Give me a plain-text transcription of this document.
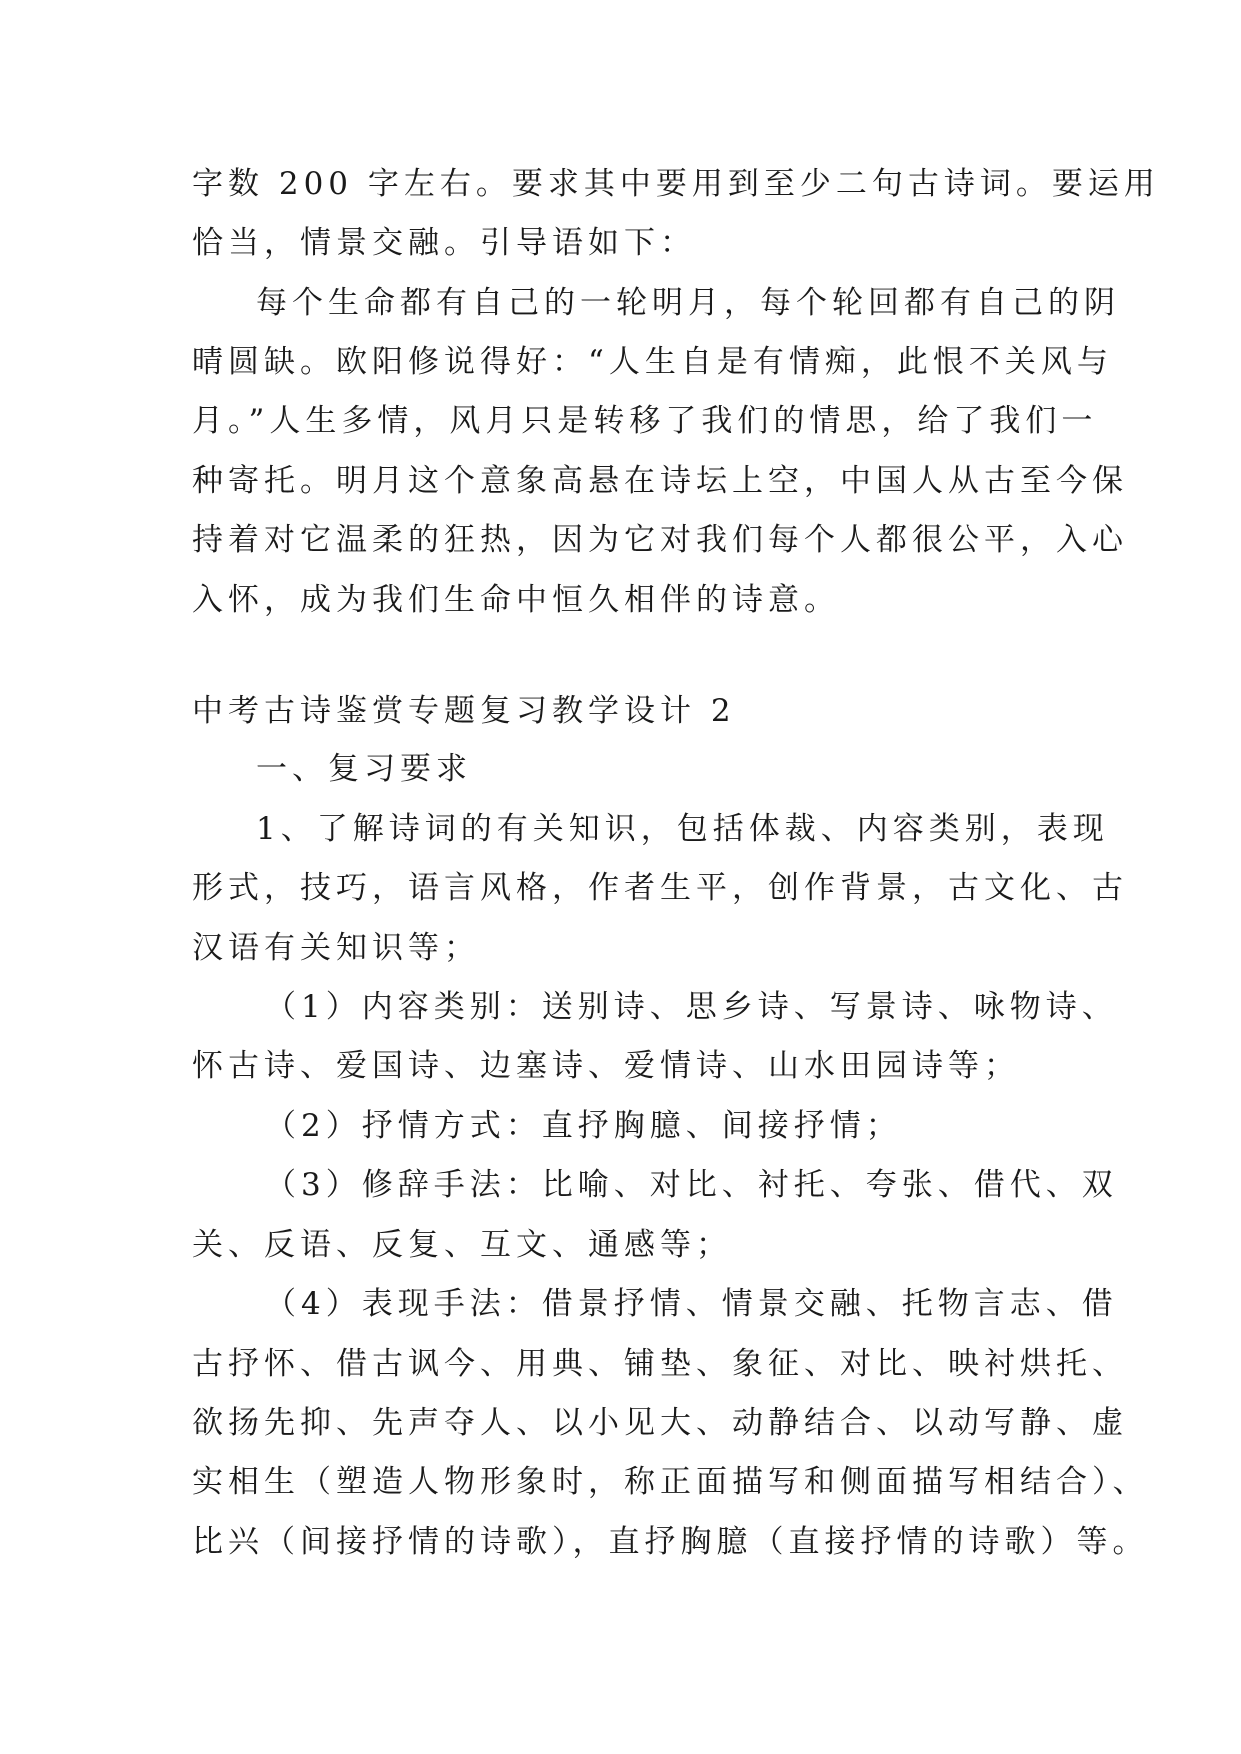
字数 200 字左右。要求其中要用到至少二句古诗词。要运用
恰当，情景交融。引导语如下：
每个生命都有自己的一轮明月，每个轮回都有自己的阴
晴圆缺。欧阳修说得好：“人生自是有情痴，此恨不关风与
月。”人生多情，风月只是转移了我们的情思，给了我们一
种寄托。明月这个意象高悬在诗坛上空，中国人从古至今保
持着对它温柔的狂热，因为它对我们每个人都很公平，入心
入怀，成为我们生命中恒久相伴的诗意。
中考古诗鉴赏专题复习教学设计 2
一、复习要求
1、了解诗词的有关知识，包括体裁、内容类别，表现
形式，技巧，语言风格，作者生平，创作背景，古文化、古
汉语有关知识等；
（1）内容类别：送别诗、思乡诗、写景诗、咏物诗、
怀古诗、爱国诗、边塞诗、爱情诗、山水田园诗等；
（2）抒情方式：直抒胸臆、间接抒情；
（3）修辞手法：比喻、对比、衬托、夸张、借代、双
关、反语、反复、互文、通感等；
（4）表现手法：借景抒情、情景交融、托物言志、借
古抒怀、借古讽今、用典、铺垫、象征、对比、映衬烘托、
欲扬先抑、先声夺人、以小见大、动静结合、以动写静、虚
实相生（塑造人物形象时，称正面描写和侧面描写相结合）、
比兴（间接抒情的诗歌），直抒胸臆（直接抒情的诗歌）等。
